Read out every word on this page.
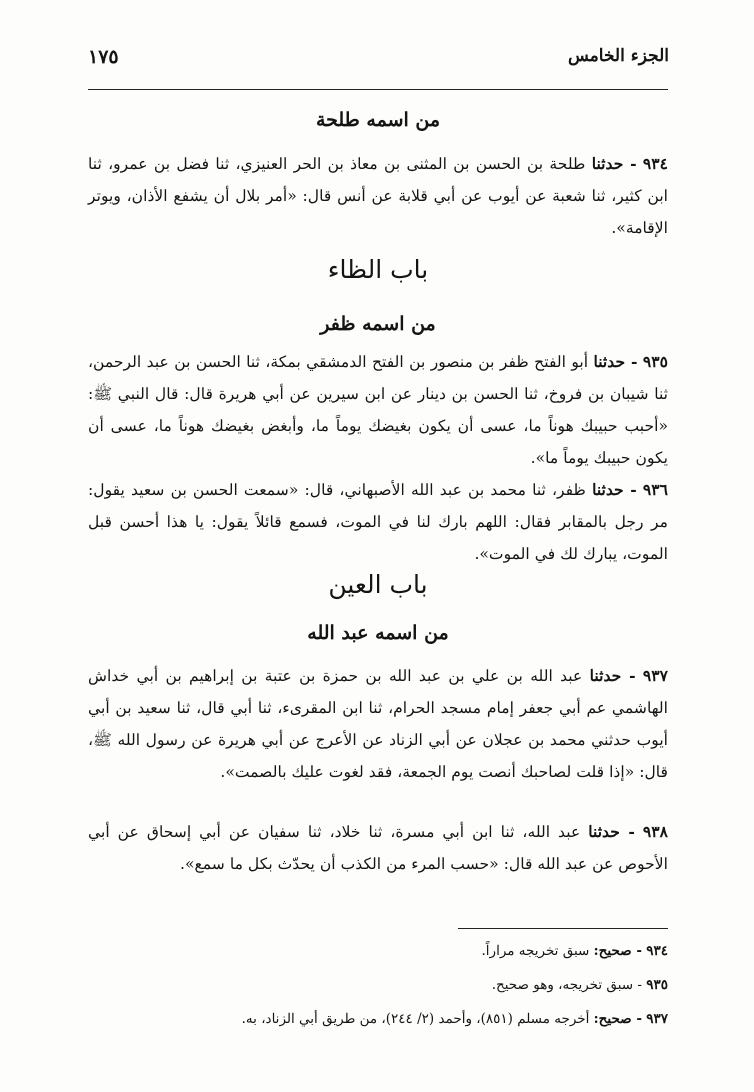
الجزء الخامس
١٧٥
من اسمه طلحة
٩٣٤ - حدثنا طلحة بن الحسن بن المثنى بن معاذ بن الحر العنيزي، ثنا فضل بن عمرو، ثنا ابن كثير، ثنا شعبة عن أيوب عن أبي قلابة عن أنس قال: «أمر بلال أن يشفع الأذان، ويوتر الإقامة».
باب الظاء
من اسمه ظفر
٩٣٥ - حدثنا أبو الفتح ظفر بن منصور بن الفتح الدمشقي بمكة، ثنا الحسن بن عبد الرحمن، ثنا شيبان بن فروخ، ثنا الحسن بن دينار عن ابن سيرين عن أبي هريرة قال: قال النبي ﷺ: «أحبب حبيبك هوناً ما، عسى أن يكون بغيضك يوماً ما، وأبغض بغيضك هوناً ما، عسى أن يكون حبيبك يوماً ما».
٩٣٦ - حدثنا ظفر، ثنا محمد بن عبد الله الأصبهاني، قال: «سمعت الحسن بن سعيد يقول: مر رجل بالمقابر فقال: اللهم بارك لنا في الموت، فسمع قائلاً يقول: يا هذا أحسن قبل الموت، يبارك لك في الموت».
باب العين
من اسمه عبد الله
٩٣٧ - حدثنا عبد الله بن علي بن عبد الله بن حمزة بن عتبة بن إبراهيم بن أبي خداش الهاشمي عم أبي جعفر إمام مسجد الحرام، ثنا ابن المقرىء، ثنا أبي قال، ثنا سعيد بن أبي أيوب حدثني محمد بن عجلان عن أبي الزناد عن الأعرج عن أبي هريرة عن رسول الله ﷺ، قال: «إذا قلت لصاحبك أنصت يوم الجمعة، فقد لغوت عليك بالصمت».
٩٣٨ - حدثنا عبد الله، ثنا ابن أبي مسرة، ثنا خلاد، ثنا سفيان عن أبي إسحاق عن أبي الأحوص عن عبد الله قال: «حسب المرء من الكذب أن يحدّث بكل ما سمع».
٩٣٤ - صحيح: سبق تخريجه مراراً.
٩٣٥ - سبق تخريجه، وهو صحيح.
٩٣٧ - صحيح: أخرجه مسلم (٨٥١)، وأحمد (٢/ ٢٤٤)، من طريق أبي الزناد، به.
